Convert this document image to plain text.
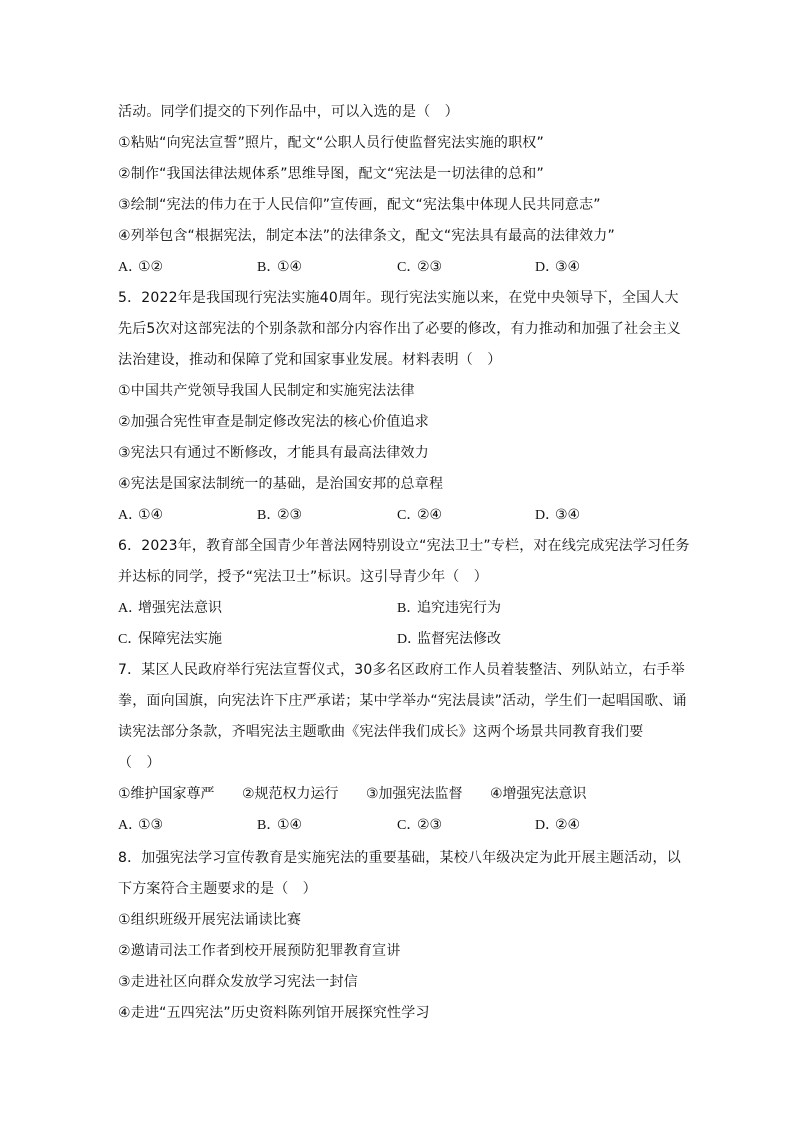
活动。同学们提交的下列作品中，可以入选的是（　）
①粘贴“向宪法宣誓”照片，配文“公职人员行使监督宪法实施的职权”
②制作“我国法律法规体系”思维导图，配文“宪法是一切法律的总和”
③绘制“宪法的伟力在于人民信仰”宣传画，配文“宪法集中体现人民共同意志”
④列举包含“根据宪法，制定本法”的法律条文，配文“宪法具有最高的法律效力”
A．①②	B．①④	C．②③	D．③④
5．2022年是我国现行宪法实施40周年。现行宪法实施以来，在党中央领导下，全国人大
先后5次对这部宪法的个别条款和部分内容作出了必要的修改，有力推动和加强了社会主义
法治建设，推动和保障了党和国家事业发展。材料表明（　）
①中国共产党领导我国人民制定和实施宪法法律
②加强合宪性审查是制定修改宪法的核心价值追求
③宪法只有通过不断修改，才能具有最高法律效力
④宪法是国家法制统一的基础，是治国安邦的总章程
A．①④	B．②③	C．②④	D．③④
6．2023年，教育部全国青少年普法网特别设立“宪法卫士”专栏，对在线完成宪法学习任务
并达标的同学，授予“宪法卫士”标识。这引导青少年（　）
A．增强宪法意识	B．追究违宪行为
C．保障宪法实施	D．监督宪法修改
7．某区人民政府举行宪法宣誓仪式，30多名区政府工作人员着装整洁、列队站立，右手举
拳，面向国旗，向宪法许下庄严承诺；某中学举办“宪法晨读”活动，学生们一起唱国歌、诵
读宪法部分条款，齐唱宪法主题歌曲《宪法伴我们成长》这两个场景共同教育我们要
（　）
①维护国家尊严 ②规范权力运行 ③加强宪法监督 ④增强宪法意识
A．①③	B．①④	C．②③	D．②④
8．加强宪法学习宣传教育是实施宪法的重要基础，某校八年级决定为此开展主题活动，以
下方案符合主题要求的是（　）
①组织班级开展宪法诵读比赛
②邀请司法工作者到校开展预防犯罪教育宣讲
③走进社区向群众发放学习宪法一封信
④走进“五四宪法”历史资料陈列馆开展探究性学习
